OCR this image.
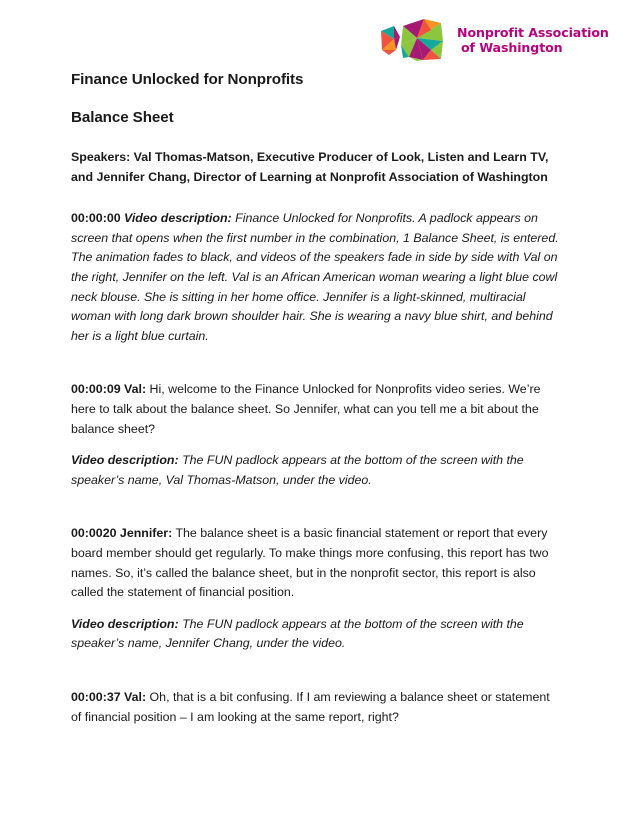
Nonprofit Association
of Washington
Finance Unlocked for Nonprofits
Balance Sheet

Speakers: Val Thomas-Matson, Executive Producer of Look, Listen and Learn TV, and Jennifer Chang, Director of Learning at Nonprofit Association of Washington

00:00:00 Video description: Finance Unlocked for Nonprofits. A padlock appears on screen that opens when the first number in the combination, 1 Balance Sheet, is entered. The animation fades to black, and videos of the speakers fade in side by side with Val on the right, Jennifer on the left. Val is an African American woman wearing a light blue cowl neck blouse. She is sitting in her home office. Jennifer is a light-skinned, multiracial woman with long dark brown shoulder hair. She is wearing a navy blue shirt, and behind her is a light blue curtain.

00:00:09 Val: Hi, welcome to the Finance Unlocked for Nonprofits video series. We’re here to talk about the balance sheet. So Jennifer, what can you tell me a bit about the balance sheet?

Video description: The FUN padlock appears at the bottom of the screen with the speaker’s name, Val Thomas-Matson, under the video.

00:0020 Jennifer: The balance sheet is a basic financial statement or report that every board member should get regularly. To make things more confusing, this report has two names. So, it’s called the balance sheet, but in the nonprofit sector, this report is also called the statement of financial position.

Video description: The FUN padlock appears at the bottom of the screen with the speaker’s name, Jennifer Chang, under the video.

00:00:37 Val: Oh, that is a bit confusing. If I am reviewing a balance sheet or statement of financial position – I am looking at the same report, right?
